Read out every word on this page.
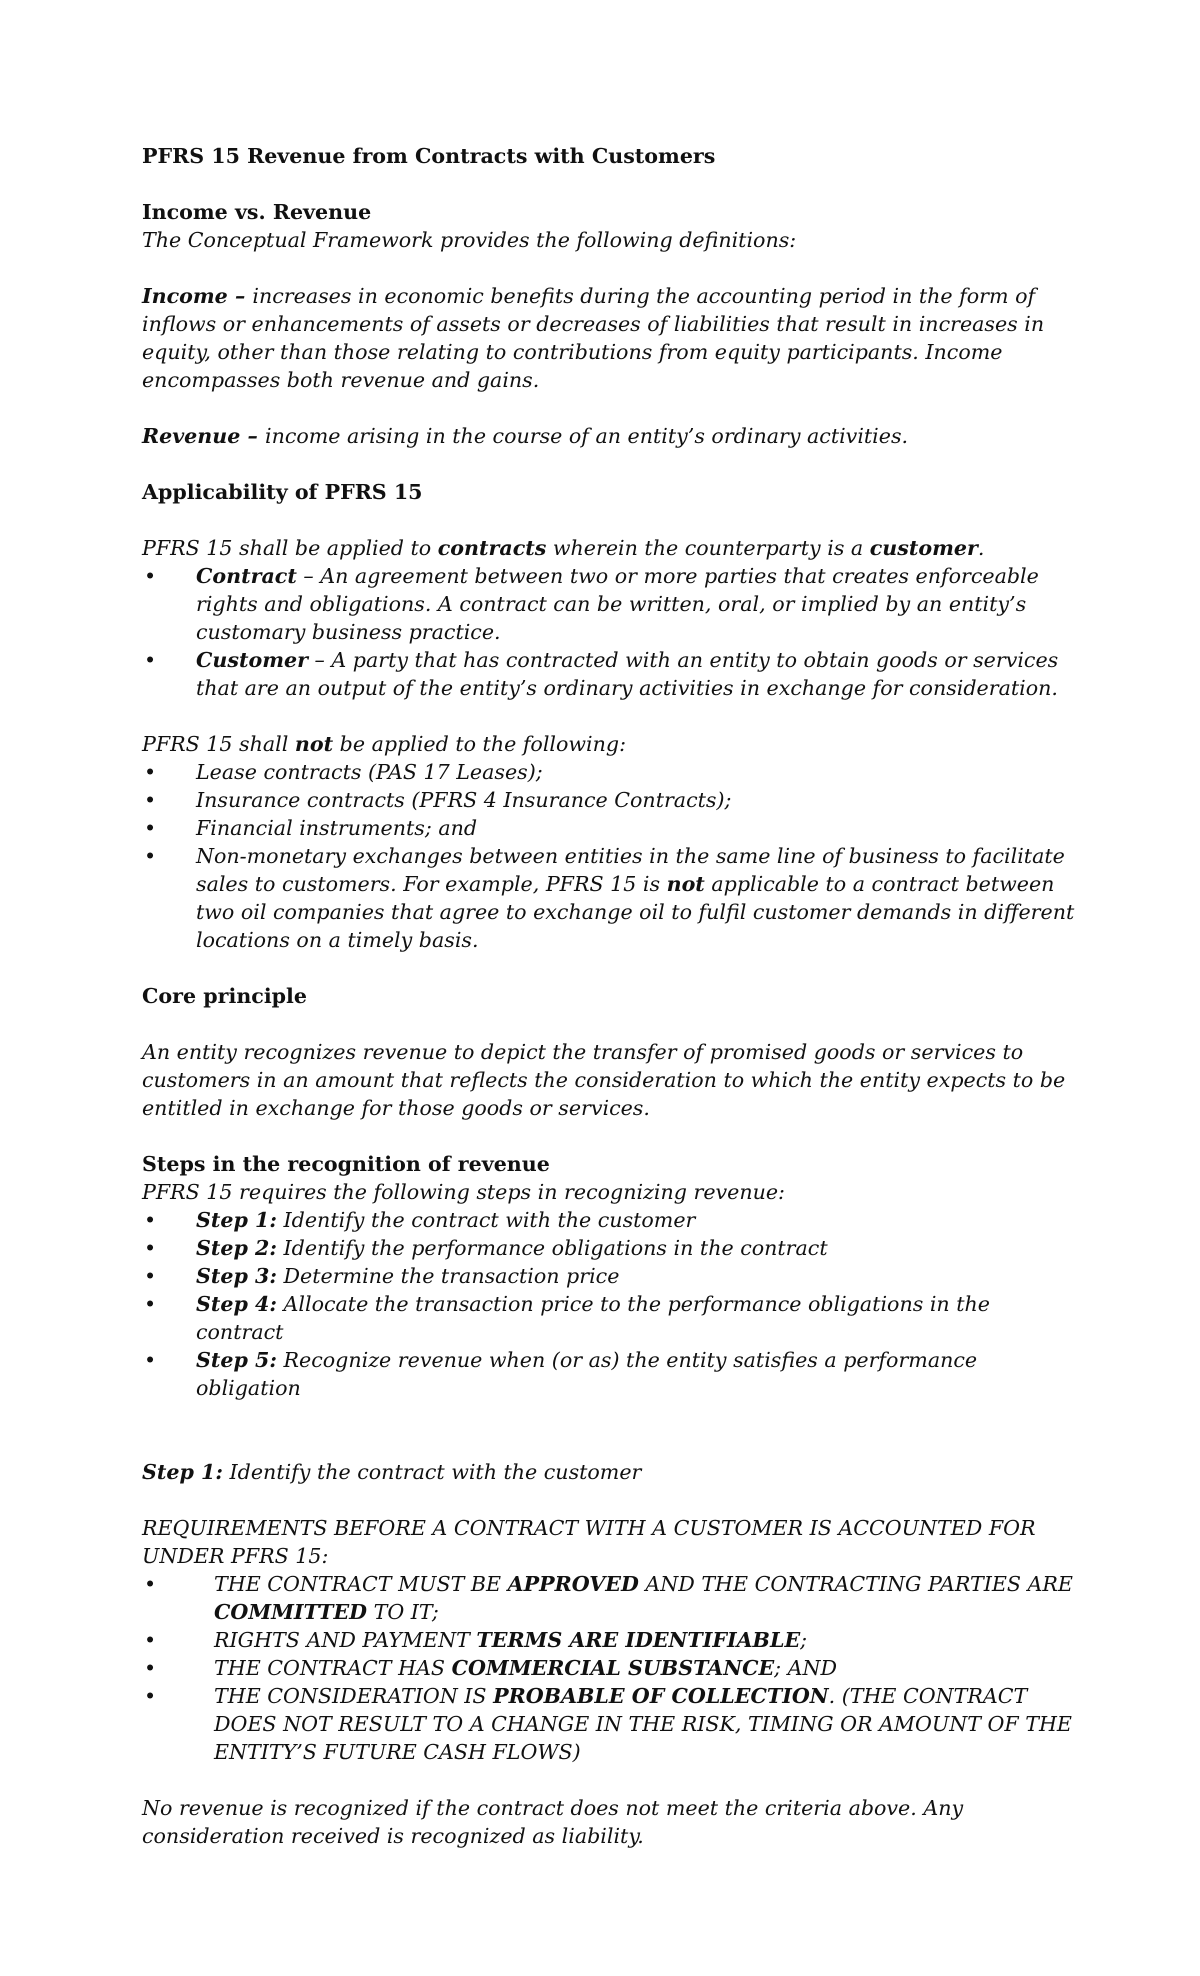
PFRS 15 Revenue from Contracts with Customers

Income vs. Revenue

The Conceptual Framework provides the following definitions:

Income – increases in economic benefits during the accounting period in the form of inflows or enhancements of assets or decreases of liabilities that result in increases in equity, other than those relating to contributions from equity participants. Income encompasses both revenue and gains.

Revenue – income arising in the course of an entity’s ordinary activities.

Applicability of PFRS 15

PFRS 15 shall be applied to contracts wherein the counterparty is a customer.

• Contract – An agreement between two or more parties that creates enforceable rights and obligations. A contract can be written, oral, or implied by an entity’s customary business practice.
• Customer – A party that has contracted with an entity to obtain goods or services that are an output of the entity’s ordinary activities in exchange for consideration.

PFRS 15 shall not be applied to the following:

• Lease contracts (PAS 17 Leases);
• Insurance contracts (PFRS 4 Insurance Contracts);
• Financial instruments; and
• Non-monetary exchanges between entities in the same line of business to facilitate sales to customers. For example, PFRS 15 is not applicable to a contract between two oil companies that agree to exchange oil to fulfil customer demands in different locations on a timely basis.

Core principle

An entity recognizes revenue to depict the transfer of promised goods or services to customers in an amount that reflects the consideration to which the entity expects to be entitled in exchange for those goods or services.

Steps in the recognition of revenue

PFRS 15 requires the following steps in recognizing revenue:

• Step 1: Identify the contract with the customer
• Step 2: Identify the performance obligations in the contract
• Step 3: Determine the transaction price
• Step 4: Allocate the transaction price to the performance obligations in the contract
• Step 5: Recognize revenue when (or as) the entity satisfies a performance obligation

Step 1: Identify the contract with the customer

REQUIREMENTS BEFORE A CONTRACT WITH A CUSTOMER IS ACCOUNTED FOR UNDER PFRS 15:

•	THE CONTRACT MUST BE APPROVED AND THE CONTRACTING PARTIES ARE COMMITTED TO IT;
•	RIGHTS AND PAYMENT TERMS ARE IDENTIFIABLE;
•	THE CONTRACT HAS COMMERCIAL SUBSTANCE; AND
•	THE CONSIDERATION IS PROBABLE OF COLLECTION. (THE CONTRACT DOES NOT RESULT TO A CHANGE IN THE RISK, TIMING OR AMOUNT OF THE ENTITY’S FUTURE CASH FLOWS)

No revenue is recognized if the contract does not meet the criteria above. Any consideration received is recognized as liability.
